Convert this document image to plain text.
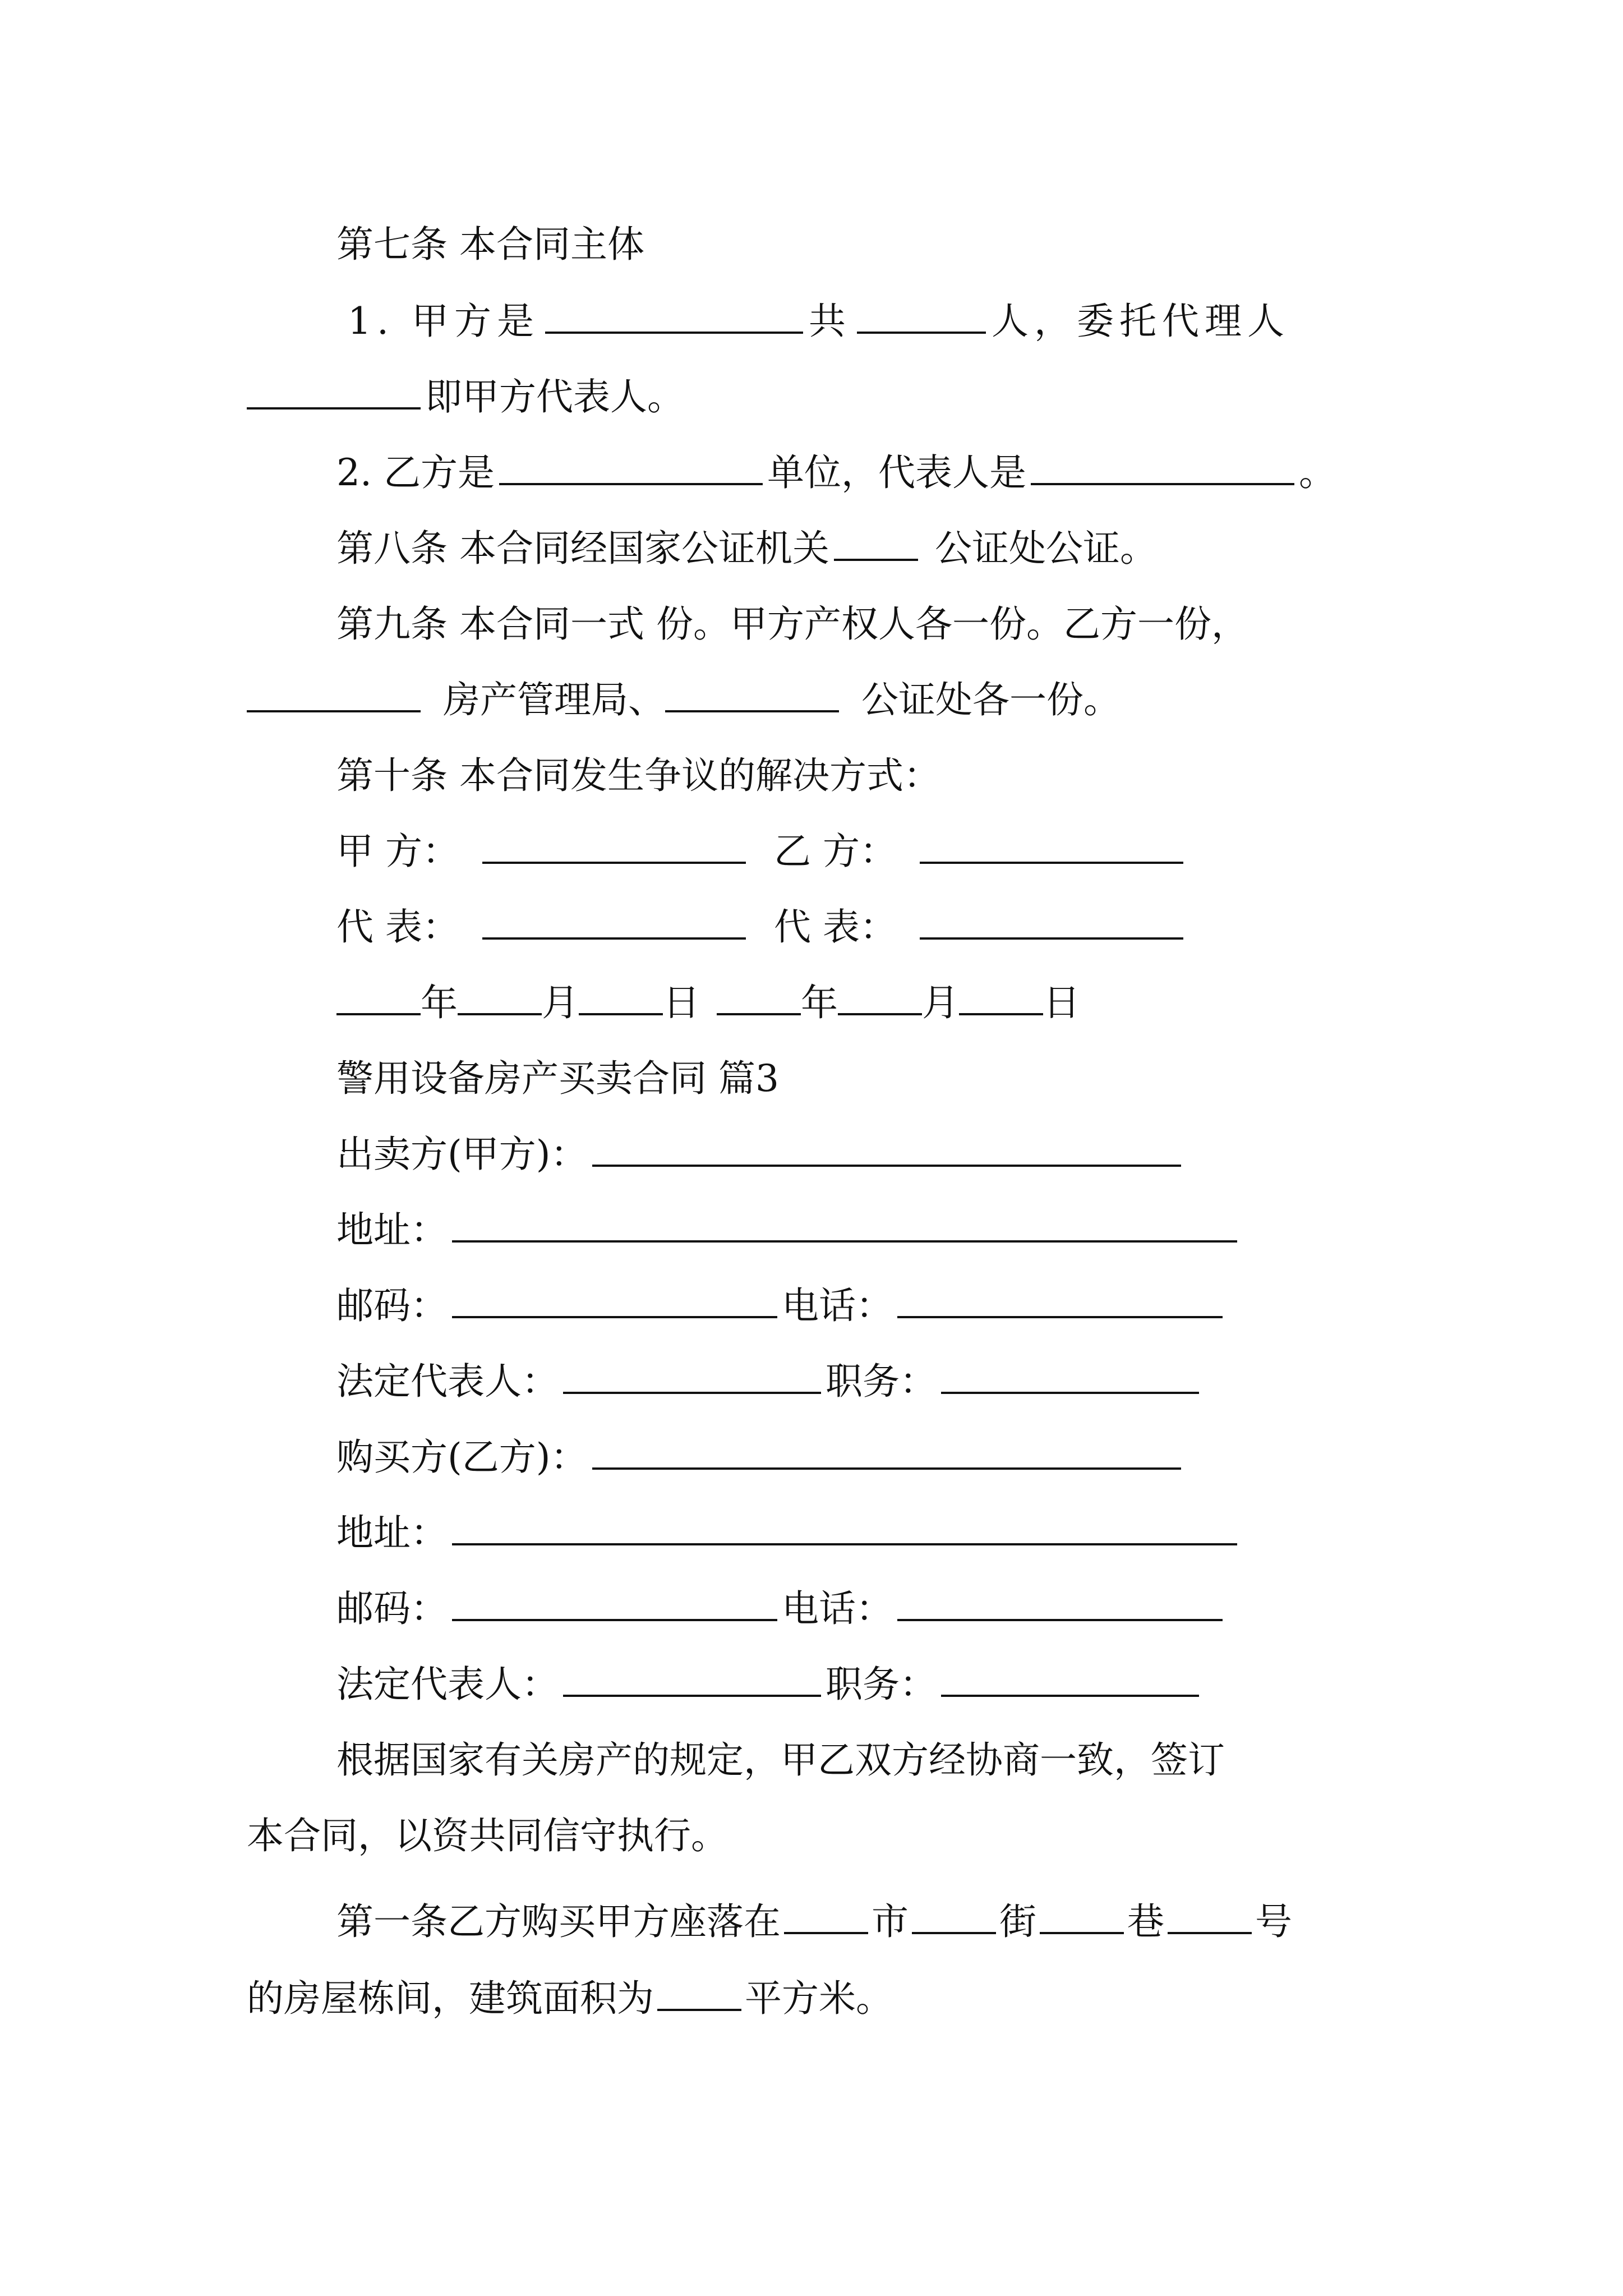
第七条 本合同主体
1. 甲方是	共	人，委托代理人
即甲方代表人。
2. 乙方是	单位，代表人是	。
第八条 本合同经国家公证机关	公证处公证。
第九条 本合同一式 份。甲方产权人各一份。乙方一份，
房产管理局、	公证处各一份。
第十条 本合同发生争议的解决方式：
甲 方：	乙 方：
代 表：	代 表：
年 月 日	年 月 日
警用设备房产买卖合同 篇3
出卖方(甲方)：
地址：
邮码：	电话：
法定代表人：	职务：
购买方(乙方)：
地址：
邮码：	电话：
法定代表人：	职务：
根据国家有关房产的规定，甲乙双方经协商一致，签订
本合同，以资共同信守执行。
第一条乙方购买甲方座落在 市 街 巷 号
的房屋栋间，建筑面积为 平方米。
